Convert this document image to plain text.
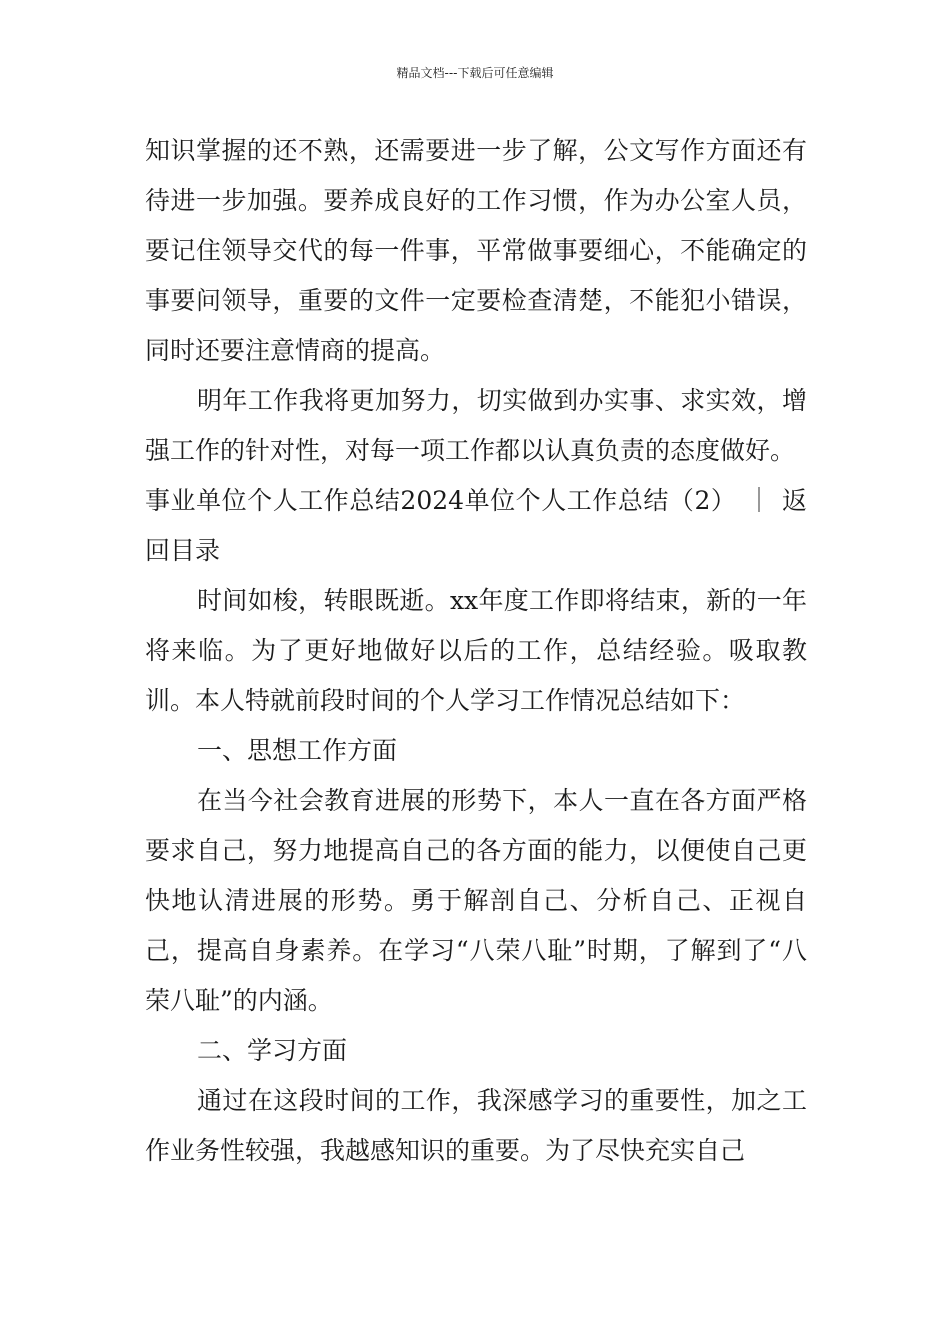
精品文档---下载后可任意编辑

知识掌握的还不熟，还需要进一步了解，公文写作方面还有待进一步加强。要养成良好的工作习惯，作为办公室人员，要记住领导交代的每一件事，平常做事要细心，不能确定的事要问领导，重要的文件一定要检查清楚，不能犯小错误，同时还要注意情商的提高。

明年工作我将更加努力，切实做到办实事、求实效，增强工作的针对性，对每一项工作都以认真负责的态度做好。

事业单位个人工作总结2024单位个人工作总结（2） ｜ 返回目录

时间如梭，转眼既逝。xx年度工作即将结束，新的一年将来临。为了更好地做好以后的工作，总结经验。吸取教训。本人特就前段时间的个人学习工作情况总结如下：

一、思想工作方面

在当今社会教育进展的形势下，本人一直在各方面严格要求自己，努力地提高自己的各方面的能力，以便使自己更快地认清进展的形势。勇于解剖自己、分析自己、正视自己，提高自身素养。在学习“八荣八耻”时期，了解到了“八荣八耻”的内涵。

二、学习方面

通过在这段时间的工作，我深感学习的重要性，加之工作业务性较强，我越感知识的重要。为了尽快充实自己
